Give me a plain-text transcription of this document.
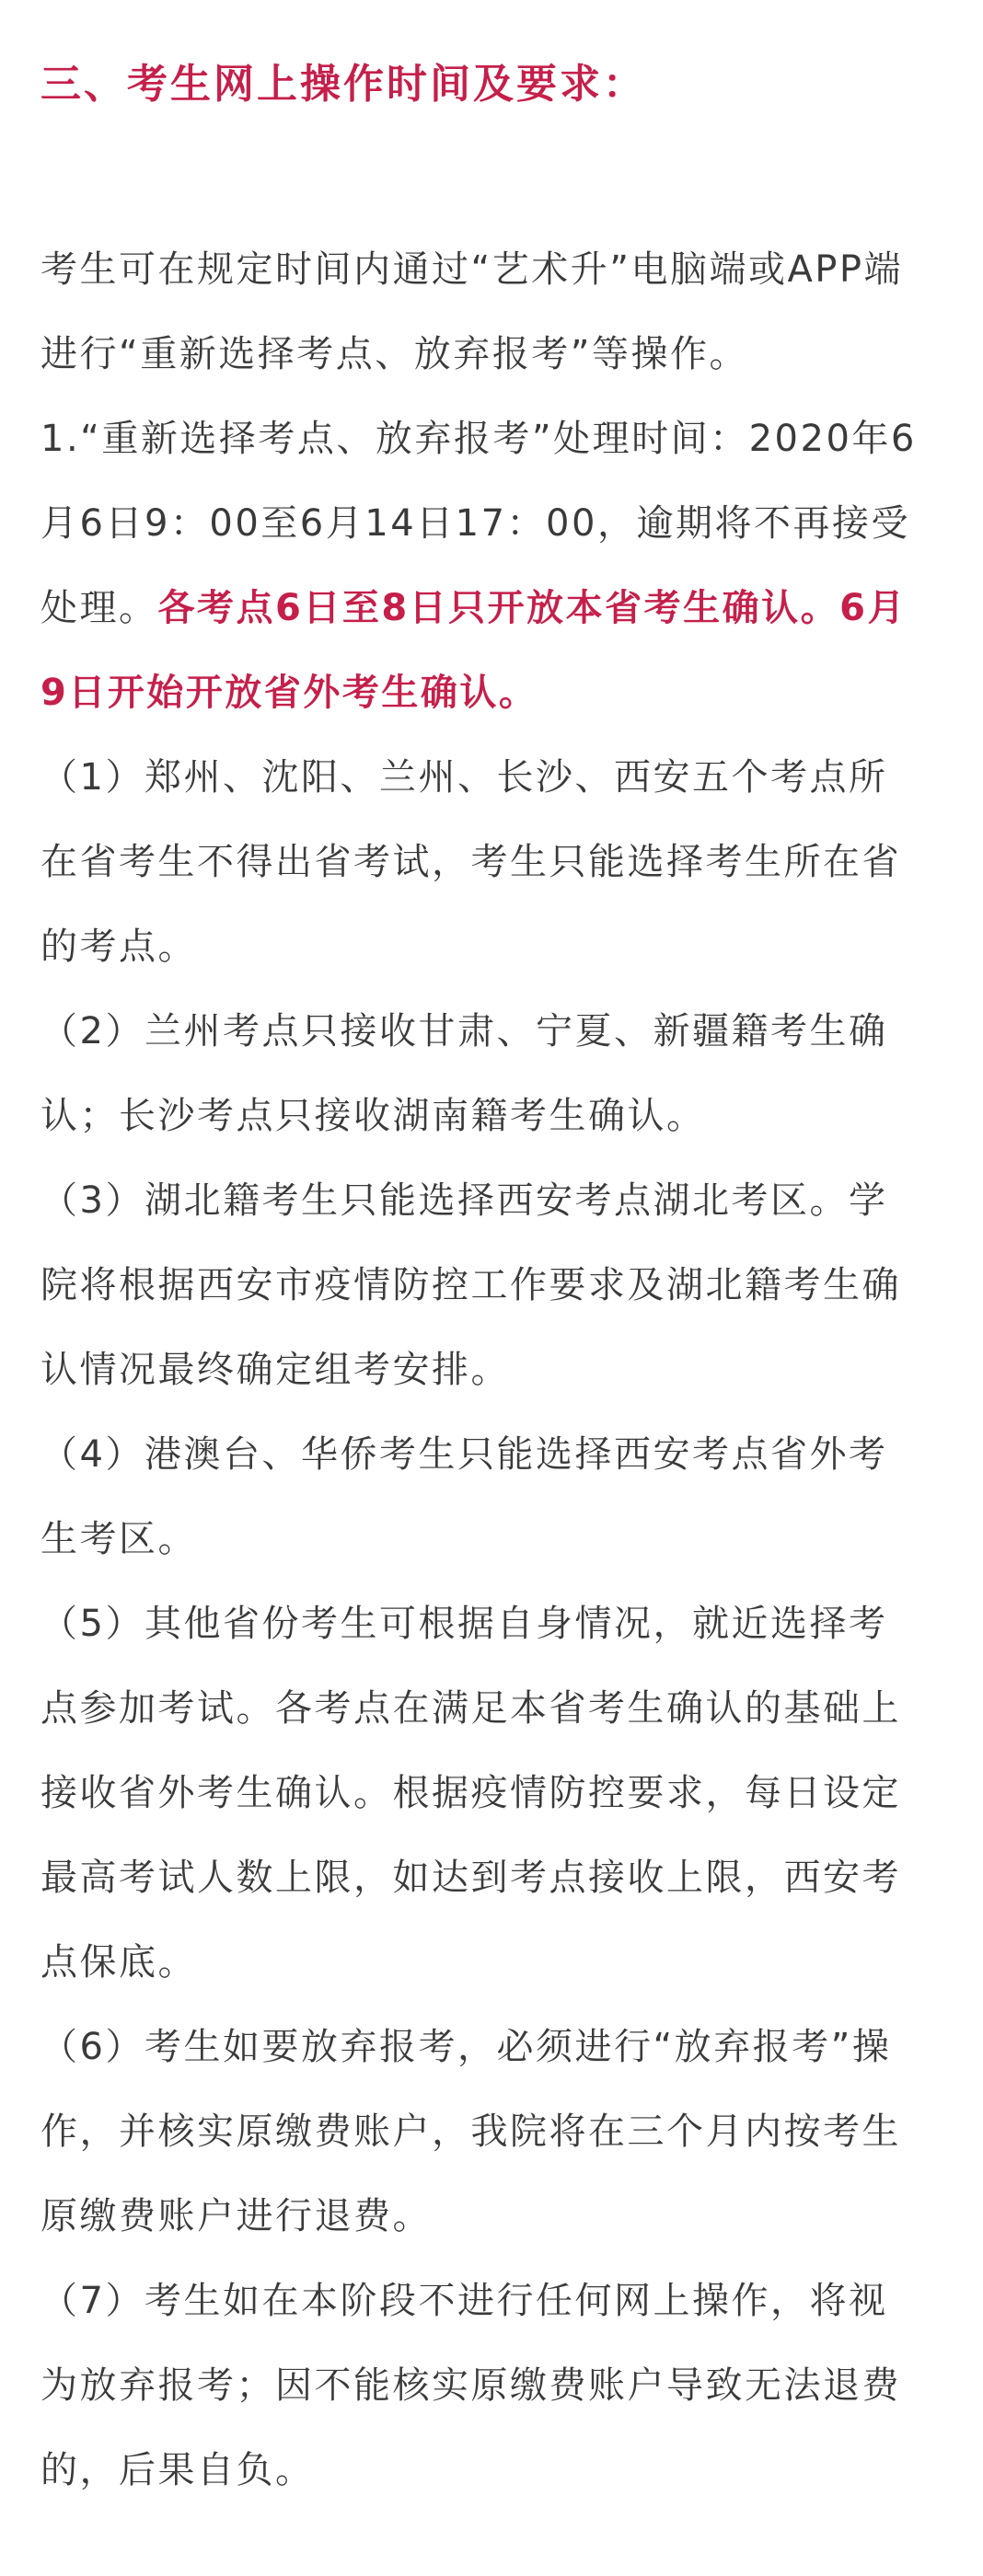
三、考生网上操作时间及要求：

考生可在规定时间内通过“艺术升”电脑端或APP端
进行“重新选择考点、放弃报考”等操作。

1.“重新选择考点、放弃报考”处理时间：2020年6
月6日9：00至6月14日17：00，逾期将不再接受
处理。各考点6日至8日只开放本省考生确认。6月
9日开始开放省外考生确认。

（1）郑州、沈阳、兰州、长沙、西安五个考点所
在省考生不得出省考试，考生只能选择考生所在省
的考点。

（2）兰州考点只接收甘肃、宁夏、新疆籍考生确
认；长沙考点只接收湖南籍考生确认。

（3）湖北籍考生只能选择西安考点湖北考区。学
院将根据西安市疫情防控工作要求及湖北籍考生确
认情况最终确定组考安排。

（4）港澳台、华侨考生只能选择西安考点省外考
生考区。

（5）其他省份考生可根据自身情况，就近选择考
点参加考试。各考点在满足本省考生确认的基础上
接收省外考生确认。根据疫情防控要求，每日设定
最高考试人数上限，如达到考点接收上限，西安考
点保底。

（6）考生如要放弃报考，必须进行“放弃报考”操
作，并核实原缴费账户，我院将在三个月内按考生
原缴费账户进行退费。

（7）考生如在本阶段不进行任何网上操作，将视
为放弃报考；因不能核实原缴费账户导致无法退费
的，后果自负。
